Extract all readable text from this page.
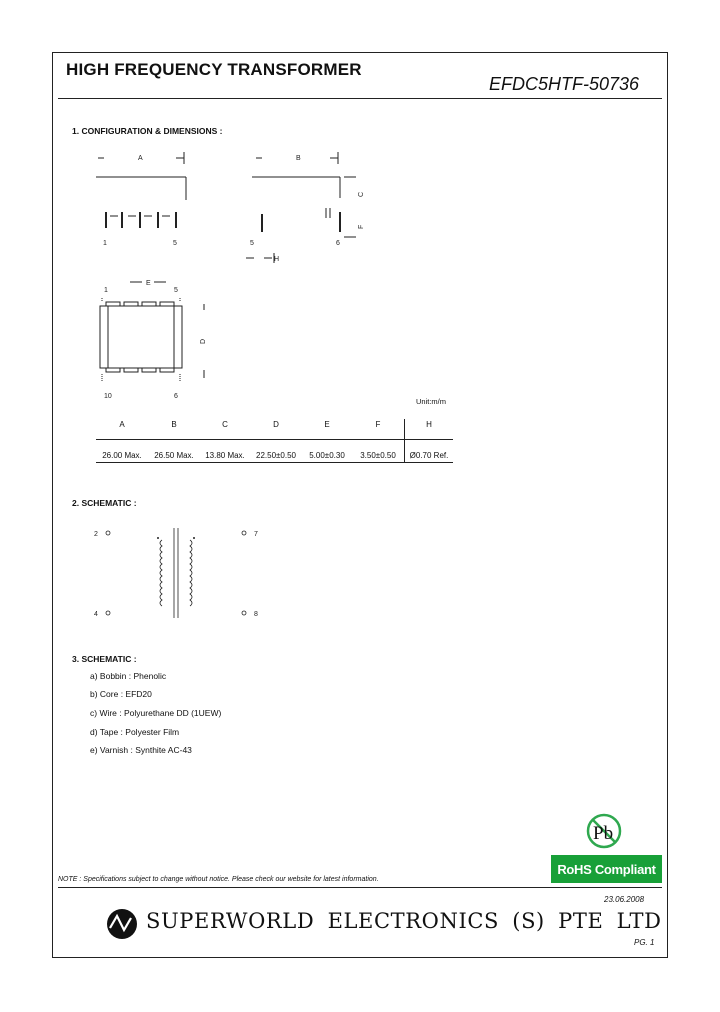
HIGH FREQUENCY TRANSFORMER
EFDC5HTF-50736
1. CONFIGURATION & DIMENSIONS :
A
1	5
B
C
F
5	6
H
E
D
1	5
10	6
Unit:m/m
A	B	C	D	E	F	H
26.00 Max.	26.50 Max.	13.80 Max.	22.50±0.50	5.00±0.30	3.50±0.50	Ø0.70 Ref.
2. SCHEMATIC :
2
4
7
8
3. SCHEMATIC :
a) Bobbin : Phenolic
b) Core : EFD20
c) Wire : Polyurethane DD (1UEW)
d) Tape : Polyester Film
e) Varnish : Synthite AC-43
Pb
RoHS Compliant
NOTE : Specifications subject to change without notice. Please check our website for latest information.
23.06.2008
SUPERWORLD ELECTRONICS (S) PTE LTD
PG. 1
